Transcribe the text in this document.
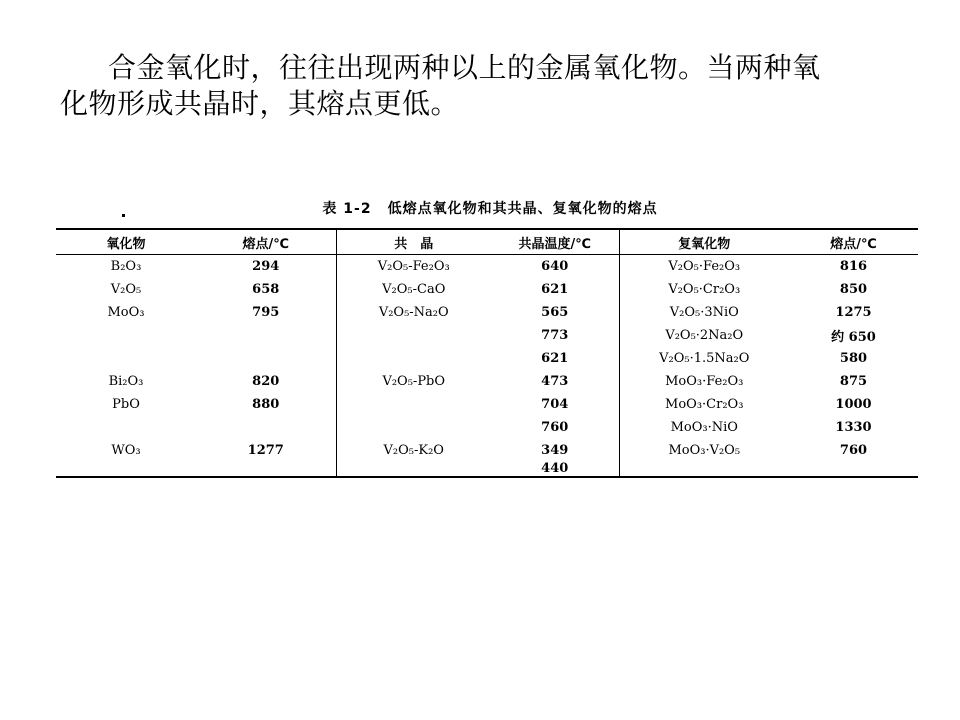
合金氧化时，往往出现两种以上的金属氧化物。当两种氧
化物形成共晶时，其熔点更低。
表 1-2 低熔点氧化物和其共晶、复氧化物的熔点
氧化物	熔点/℃	共　晶	共晶温度/℃	复氧化物	熔点/℃
B₂O₃	294	V₂O₅-Fe₂O₃	640	V₂O₅·Fe₂O₃	816
V₂O₅	658	V₂O₅-CaO	621	V₂O₅·Cr₂O₃	850
MoO₃	795	V₂O₅-Na₂O	565	V₂O₅·3NiO	1275
			773	V₂O₅·2Na₂O	约 650
			621	V₂O₅·1.5Na₂O	580
Bi₂O₃	820	V₂O₅-PbO	473	MoO₃·Fe₂O₃	875
PbO	880		704	MoO₃·Cr₂O₃	1000
			760	MoO₃·NiO	1330
WO₃	1277	V₂O₅-K₂O	349	MoO₃·V₂O₅	760
			440		
